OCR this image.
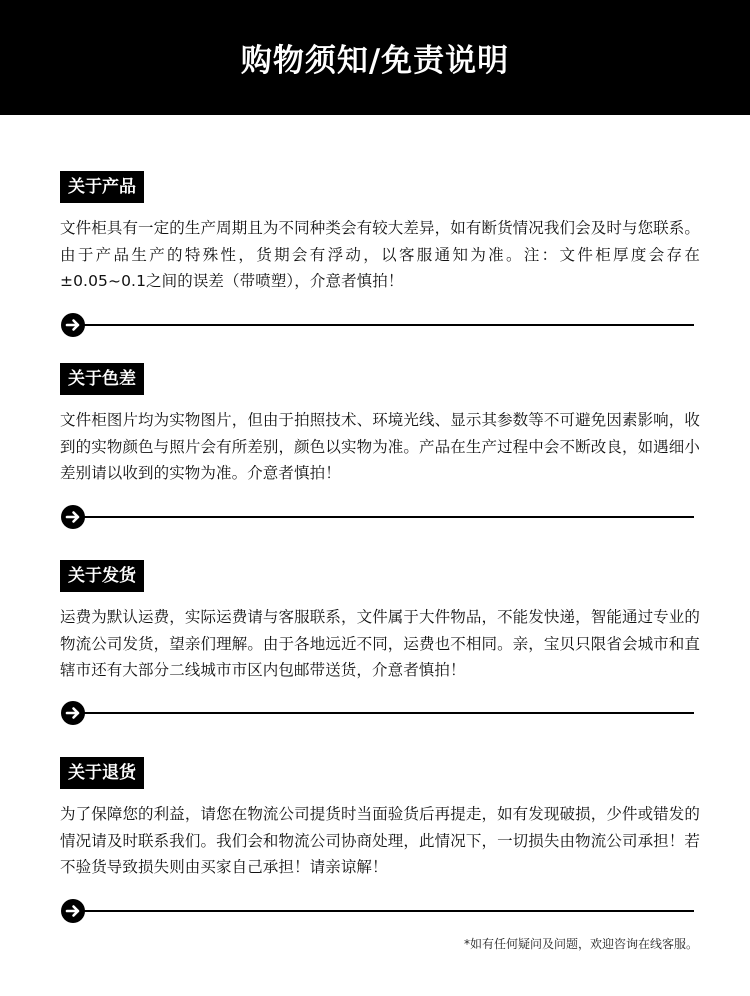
购物须知/免责说明
关于产品
文件柜具有一定的生产周期且为不同种类会有较大差异，如有断货情况我们会及时与您联系。由于产品生产的特殊性，货期会有浮动，以客服通知为准。注：文件柜厚度会存在±0.05~0.1之间的误差（带喷塑），介意者慎拍！
关于色差
文件柜图片均为实物图片，但由于拍照技术、环境光线、显示其参数等不可避免因素影响，收到的实物颜色与照片会有所差别，颜色以实物为准。产品在生产过程中会不断改良，如遇细小差别请以收到的实物为准。介意者慎拍！
关于发货
运费为默认运费，实际运费请与客服联系，文件属于大件物品，不能发快递，智能通过专业的物流公司发货，望亲们理解。由于各地远近不同，运费也不相同。亲，宝贝只限省会城市和直辖市还有大部分二线城市市区内包邮带送货，介意者慎拍！
关于退货
为了保障您的利益，请您在物流公司提货时当面验货后再提走，如有发现破损，少件或错发的情况请及时联系我们。我们会和物流公司协商处理，此情况下，一切损失由物流公司承担！若不验货导致损失则由买家自己承担！请亲谅解！
*如有任何疑问及问题，欢迎咨询在线客服。
